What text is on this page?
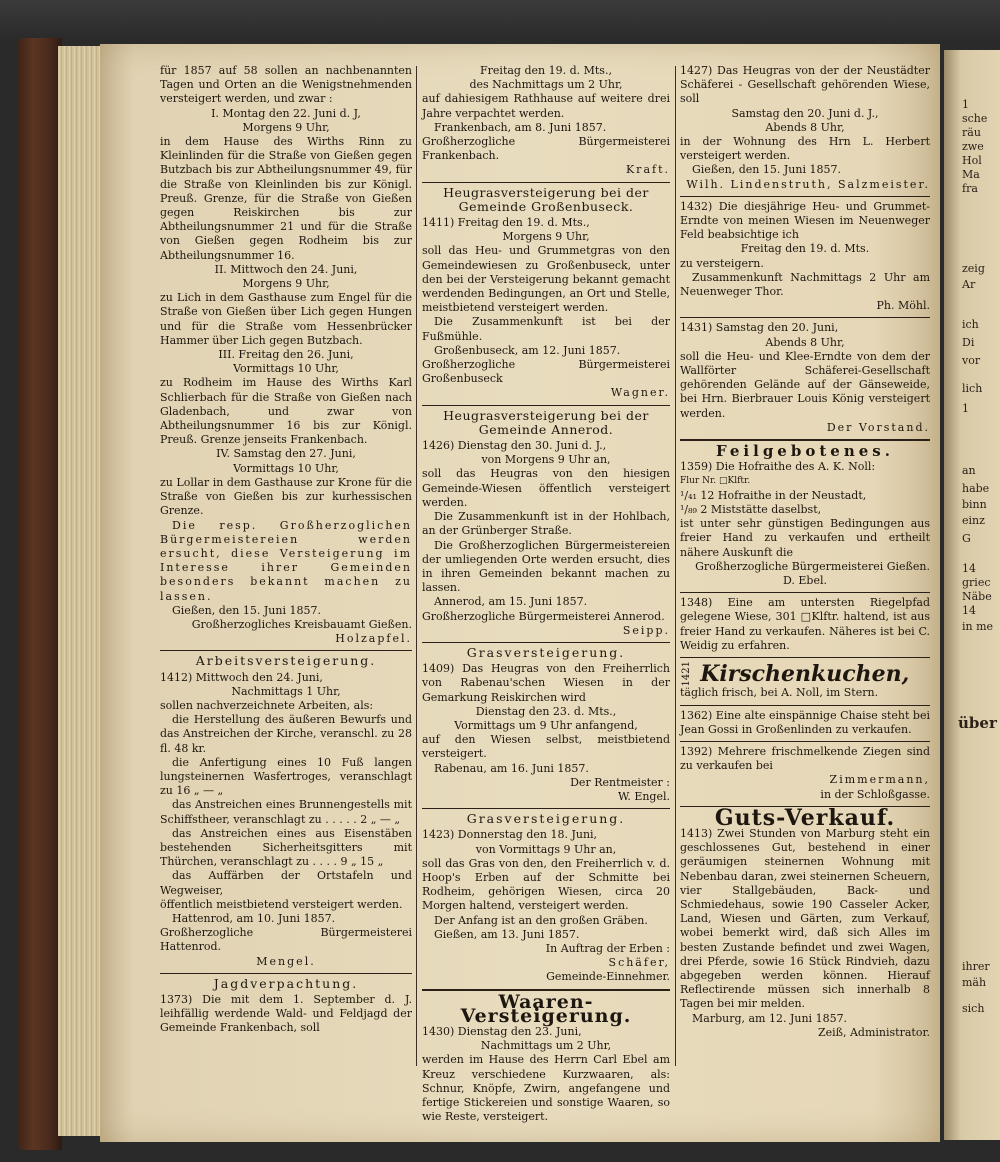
für 1857 auf 58 sollen an nachbenannten Tagen und Orten an die Wenigstnehmenden versteigert werden, und zwar :

I. Montag den 22. Juni d. J,

Morgens 9 Uhr,

in dem Hause des Wirths Rinn zu Kleinlinden für die Straße von Gießen gegen Butzbach bis zur Abtheilungsnummer 49, für die Straße von Kleinlinden bis zur Königl. Preuß. Grenze, für die Straße von Gießen gegen Reiskirchen bis zur Abtheilungsnummer 21 und für die Straße von Gießen gegen Rodheim bis zur Abtheilungsnummer 16.

II. Mittwoch den 24. Juni,

Morgens 9 Uhr,

zu Lich in dem Gasthause zum Engel für die Straße von Gießen über Lich gegen Hungen und für die Straße vom Hessenbrücker Hammer über Lich gegen Butzbach.

III. Freitag den 26. Juni,

Vormittags 10 Uhr,

zu Rodheim im Hause des Wirths Karl Schlierbach für die Straße von Gießen nach Gladenbach, und zwar von Abtheilungsnummer 16 bis zur Königl. Preuß. Grenze jenseits Frankenbach.

IV. Samstag den 27. Juni,

Vormittags 10 Uhr,

zu Lollar in dem Gasthause zur Krone für die Straße von Gießen bis zur kurhessischen Grenze.

Die resp. Großherzoglichen Bürgermeistereien werden ersucht, diese Versteigerung im Interesse ihrer Gemeinden besonders bekannt machen zu lassen.

Gießen, den 15. Juni 1857.

Großherzogliches Kreisbauamt Gießen.

Holzapfel.

Arbeitsversteigerung.

1412) Mittwoch den 24. Juni,

Nachmittags 1 Uhr,

sollen nachverzeichnete Arbeiten, als:

die Herstellung des äußeren Bewurfs und das Anstreichen der Kirche, veranschl. zu 28 fl. 48 kr.

die Anfertigung eines 10 Fuß langen lungsteinernen Wasfertroges, veranschlagt zu 16 „ — „

das Anstreichen eines Brunnengestells mit Schiffstheer, veranschlagt zu . . . . . 2 „ — „

das Anstreichen eines aus Eisenstäben bestehenden Sicherheitsgitters mit Thürchen, veranschlagt zu . . . . 9 „ 15 „

das Auffärben der Ortstafeln und Wegweiser,

öffentlich meistbietend versteigert werden.

Hattenrod, am 10. Juni 1857.

Großherzogliche Bürgermeisterei Hattenrod.

Mengel.

Jagdverpachtung.

1373) Die mit dem 1. September d. J. leihfällig werdende Wald- und Feldjagd der Gemeinde Frankenbach, soll

Freitag den 19. d. Mts.,

des Nachmittags um 2 Uhr,

auf dahiesigem Rathhause auf weitere drei Jahre verpachtet werden.

Frankenbach, am 8. Juni 1857.

Großherzogliche Bürgermeisterei Frankenbach.

Kraft.

Heugrasversteigerung bei der Gemeinde Großenbuseck.

1411) Freitag den 19. d. Mts.,

Morgens 9 Uhr,

soll das Heu- und Grummetgras von den Gemeindewiesen zu Großenbuseck, unter den bei der Versteigerung bekannt gemacht werdenden Bedingungen, an Ort und Stelle, meistbietend versteigert werden.

Die Zusammenkunft ist bei der Fußmühle.

Großenbuseck, am 12. Juni 1857.

Großherzogliche Bürgermeisterei Großenbuseck

Wagner.

Heugrasversteigerung bei der Gemeinde Annerod.

1426) Dienstag den 30. Juni d. J.,

von Morgens 9 Uhr an,

soll das Heugras von den hiesigen Gemeinde-Wiesen öffentlich versteigert werden.

Die Zusammenkunft ist in der Hohlbach, an der Grünberger Straße.

Die Großherzoglichen Bürgermeistereien der umliegenden Orte werden ersucht, dies in ihren Gemeinden bekannt machen zu lassen.

Annerod, am 15. Juni 1857.

Großherzogliche Bürgermeisterei Annerod.

Seipp.

Grasversteigerung.

1409) Das Heugras von den Freiherrlich von Rabenau'schen Wiesen in der Gemarkung Reiskirchen wird

Dienstag den 23. d. Mts.,

Vormittags um 9 Uhr anfangend,

auf den Wiesen selbst, meistbietend versteigert.

Rabenau, am 16. Juni 1857.

Der Rentmeister :

W. Engel.

Grasversteigerung.

1423) Donnerstag den 18. Juni,

von Vormittags 9 Uhr an,

soll das Gras von den, den Freiherrlich v. d. Hoop's Erben auf der Schmitte bei Rodheim, gehörigen Wiesen, circa 20 Morgen haltend, versteigert werden.

Der Anfang ist an den großen Gräben.

Gießen, am 13. Juni 1857.

In Auftrag der Erben :

Schäfer,

Gemeinde-Einnehmer.

Waaren-Versteigerung.

1430) Dienstag den 23. Juni,

Nachmittags um 2 Uhr,

werden im Hause des Herrn Carl Ebel am Kreuz verschiedene Kurzwaaren, als: Schnur, Knöpfe, Zwirn, angefangene und fertige Stickereien und sonstige Waaren, so wie Reste, versteigert.

1427) Das Heugras von der der Neustädter Schäferei - Gesellschaft gehörenden Wiese, soll

Samstag den 20. Juni d. J.,

Abends 8 Uhr,

in der Wohnung des Hrn L. Herbert versteigert werden.

Gießen, den 15. Juni 1857.

Wilh. Lindenstruth, Salzmeister.

1432) Die diesjährige Heu- und Grummet-Erndte von meinen Wiesen im Neuenweger Feld beabsichtige ich

Freitag den 19. d. Mts.

zu versteigern.

Zusammenkunft Nachmittags 2 Uhr am Neuenweger Thor.

Ph. Möhl.

1431) Samstag den 20. Juni,

Abends 8 Uhr,

soll die Heu- und Klee-Erndte von dem der Wallförter Schäferei-Gesellschaft gehörenden Gelände auf der Gänseweide, bei Hrn. Bierbrauer Louis König versteigert werden.

Der Vorstand.

Feilgebotenes.

1359) Die Hofraithe des A. K. Noll:

Flur Nr. □Klftr.

¹/₄₁ 12 Hofraithe in der Neustadt,

¹/₈₉ 2 Miststätte daselbst,

ist unter sehr günstigen Bedingungen aus freier Hand zu verkaufen und ertheilt nähere Auskunft die

Großherzogliche Bürgermeisterei Gießen.

D. Ebel.

1348) Eine am untersten Riegelpfad gelegene Wiese, 301 □Klftr. haltend, ist aus freier Hand zu verkaufen. Näheres ist bei C. Weidig zu erfahren.

1421 Kirschenkuchen,

täglich frisch, bei A. Noll, im Stern.

1362) Eine alte einspännige Chaise steht bei Jean Gossi in Großenlinden zu verkaufen.

1392) Mehrere frischmelkende Ziegen sind zu verkaufen bei

Zimmermann,

in der Schloßgasse.

Guts-Verkauf.

1413) Zwei Stunden von Marburg steht ein geschlossenes Gut, bestehend in einer geräumigen steinernen Wohnung mit Nebenbau daran, zwei steinernen Scheuern, vier Stallgebäuden, Back- und Schmiedehaus, sowie 190 Casseler Acker, Land, Wiesen und Gärten, zum Verkauf, wobei bemerkt wird, daß sich Alles im besten Zustande befindet und zwei Wagen, drei Pferde, sowie 16 Stück Rindvieh, dazu abgegeben werden können. Hierauf Reflectirende müssen sich innerhalb 8 Tagen bei mir melden.

Marburg, am 12. Juni 1857.

Zeiß, Administrator.

1
sche
räu
zwe
Hol
Ma
fra
zeig
Ar
ich
Di
vor
lich
1
an
habe
binn
einz
G
14
griec
Näbe
14
in me
über
ihrer
mäh
sich
